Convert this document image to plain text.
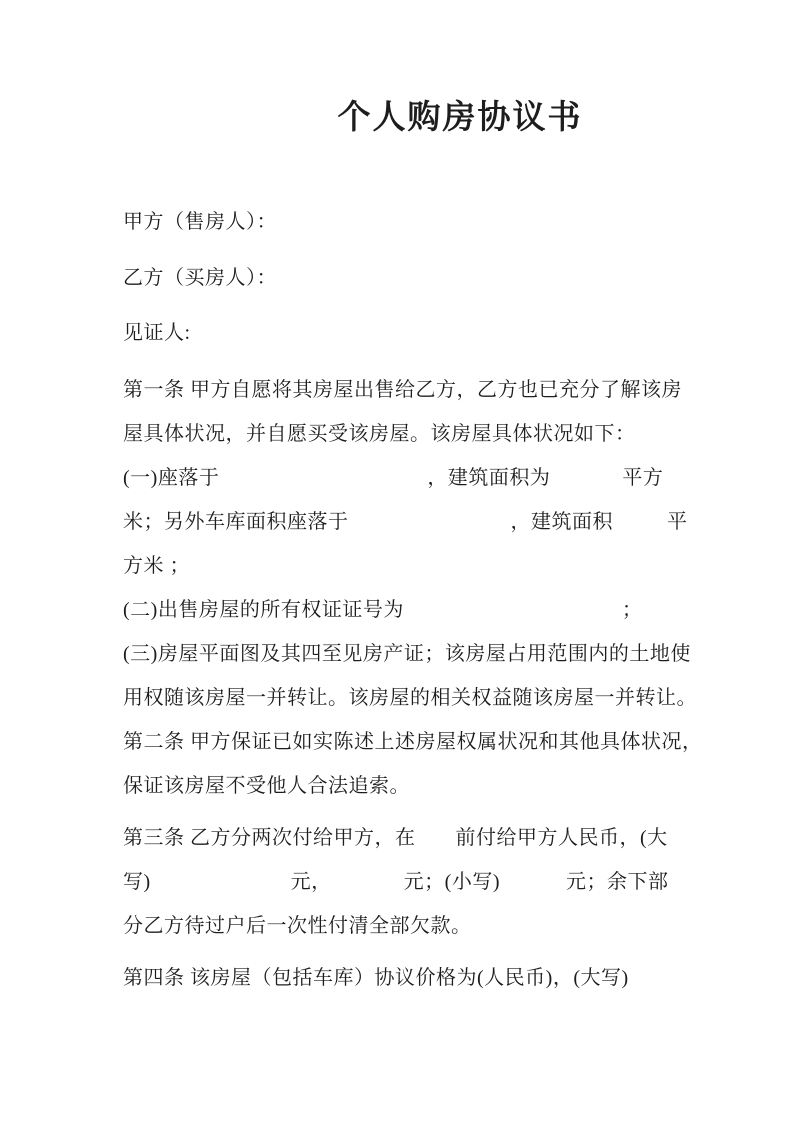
个人购房协议书
甲方（售房人）：
乙方（买房人）：
见证人:
第一条 甲方自愿将其房屋出售给乙方，乙方也已充分了解该房
屋具体状况，并自愿买受该房屋。该房屋具体状况如下：
(一)座落于	，建筑面积为	平方
米；另外车库面积座落于	，建筑面积	平
方米 ；
(二)出售房屋的所有权证证号为	；
(三)房屋平面图及其四至见房产证；该房屋占用范围内的土地使
用权随该房屋一并转让。该房屋的相关权益随该房屋一并转让。
第二条 甲方保证已如实陈述上述房屋权属状况和其他具体状况，
保证该房屋不受他人合法追索。
第三条 乙方分两次付给甲方，在 前付给甲方人民币，(大
写)	元，	元；(小写)	元；余下部
分乙方待过户后一次性付清全部欠款。
第四条 该房屋（包括车库）协议价格为(人民币)，(大写)
